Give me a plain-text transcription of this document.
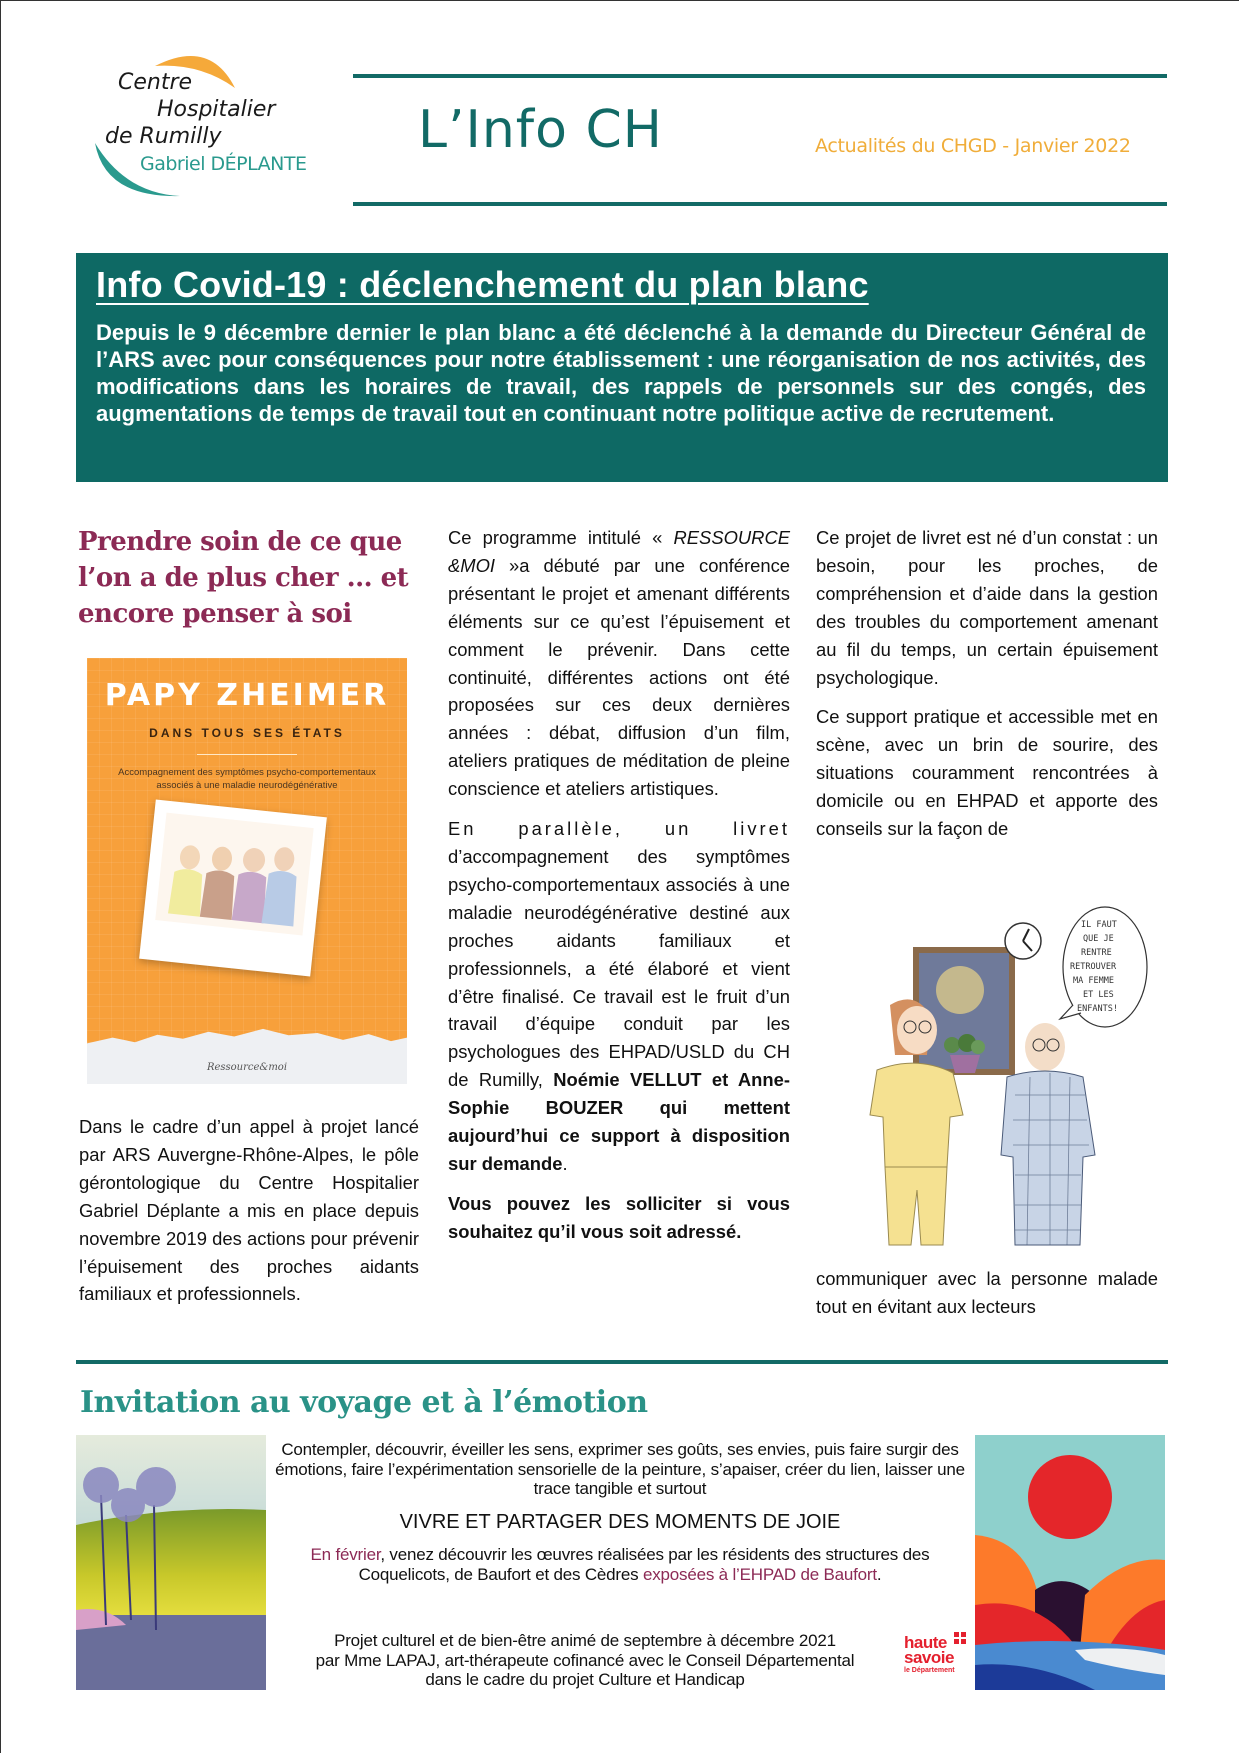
Centre
Hospitalier
de Rumilly
Gabriel DÉPLANTE
L’Info CH	Actualités du CHGD - Janvier 2022
Info Covid-19 : déclenchement du plan blanc

Depuis le 9 décembre dernier le plan blanc a été déclenché à la demande du Directeur Général de l’ARS avec pour conséquences pour notre établissement : une réorganisation de nos activités, des modifications dans les horaires de travail, des rappels de personnels sur des congés, des augmentations de temps de travail tout en continuant notre politique active de recrutement.

Prendre soin de ce que l’on a de plus cher … et encore penser à soi
PAPY ZHEIMER
DANS TOUS SES ÉTATS
Accompagnement des symptômes psycho-comportementaux associés à une maladie neurodégénérative
Ressource&moi

Dans le cadre d’un appel à projet lancé par ARS Auvergne-Rhône-Alpes, le pôle gérontologique du Centre Hospitalier Gabriel Déplante a mis en place depuis novembre 2019 des actions pour prévenir l’épuisement des proches aidants familiaux et professionnels.

Ce programme intitulé « RESSOURCE &MOI »a débuté par une conférence présentant le projet et amenant différents éléments sur ce qu’est l’épuisement et comment le prévenir. Dans cette continuité, différentes actions ont été proposées sur ces deux dernières années : débat, diffusion d’un film, ateliers pratiques de méditation de pleine conscience et ateliers artistiques.

En parallèle, un livret d’accompagnement des symptômes psycho-comportementaux associés à une maladie neurodégénérative destiné aux proches aidants familiaux et professionnels, a été élaboré et vient d’être finalisé. Ce travail est le fruit d’un travail d’équipe conduit par les psychologues des EHPAD/USLD du CH de Rumilly, Noémie VELLUT et Anne-Sophie BOUZER qui mettent aujourd’hui ce support à disposition sur demande.

Vous pouvez les solliciter si vous souhaitez qu’il vous soit adressé.

Ce projet de livret est né d’un constat : un besoin, pour les proches, de compréhension et d’aide dans la gestion des troubles du comportement amenant au fil du temps, un certain épuisement psychologique.

Ce support pratique et accessible met en scène, avec un brin de sourire, des situations couramment rencontrées à domicile ou en EHPAD et apporte des conseils sur la façon de

IL FAUT QUE JE RENTRE RETROUVER MA FEMME ET LES ENFANTS!

communiquer avec la personne malade tout en évitant aux lecteurs

Invitation au voyage et à l’émotion
Contempler, découvrir, éveiller les sens, exprimer ses goûts, ses envies, puis faire surgir des émotions, faire l’expérimentation sensorielle de la peinture, s’apaiser, créer du lien, laisser une trace tangible et surtout
VIVRE ET PARTAGER DES MOMENTS DE JOIE
En février, venez découvrir les œuvres réalisées par les résidents des structures des Coquelicots, de Baufort et des Cèdres exposées à l’EHPAD de Baufort.
Projet culturel et de bien-être animé de septembre à décembre 2021
par Mme LAPAJ, art-thérapeute cofinancé avec le Conseil Départemental
dans le cadre du projet Culture et Handicap
haute
savoie
le Département
